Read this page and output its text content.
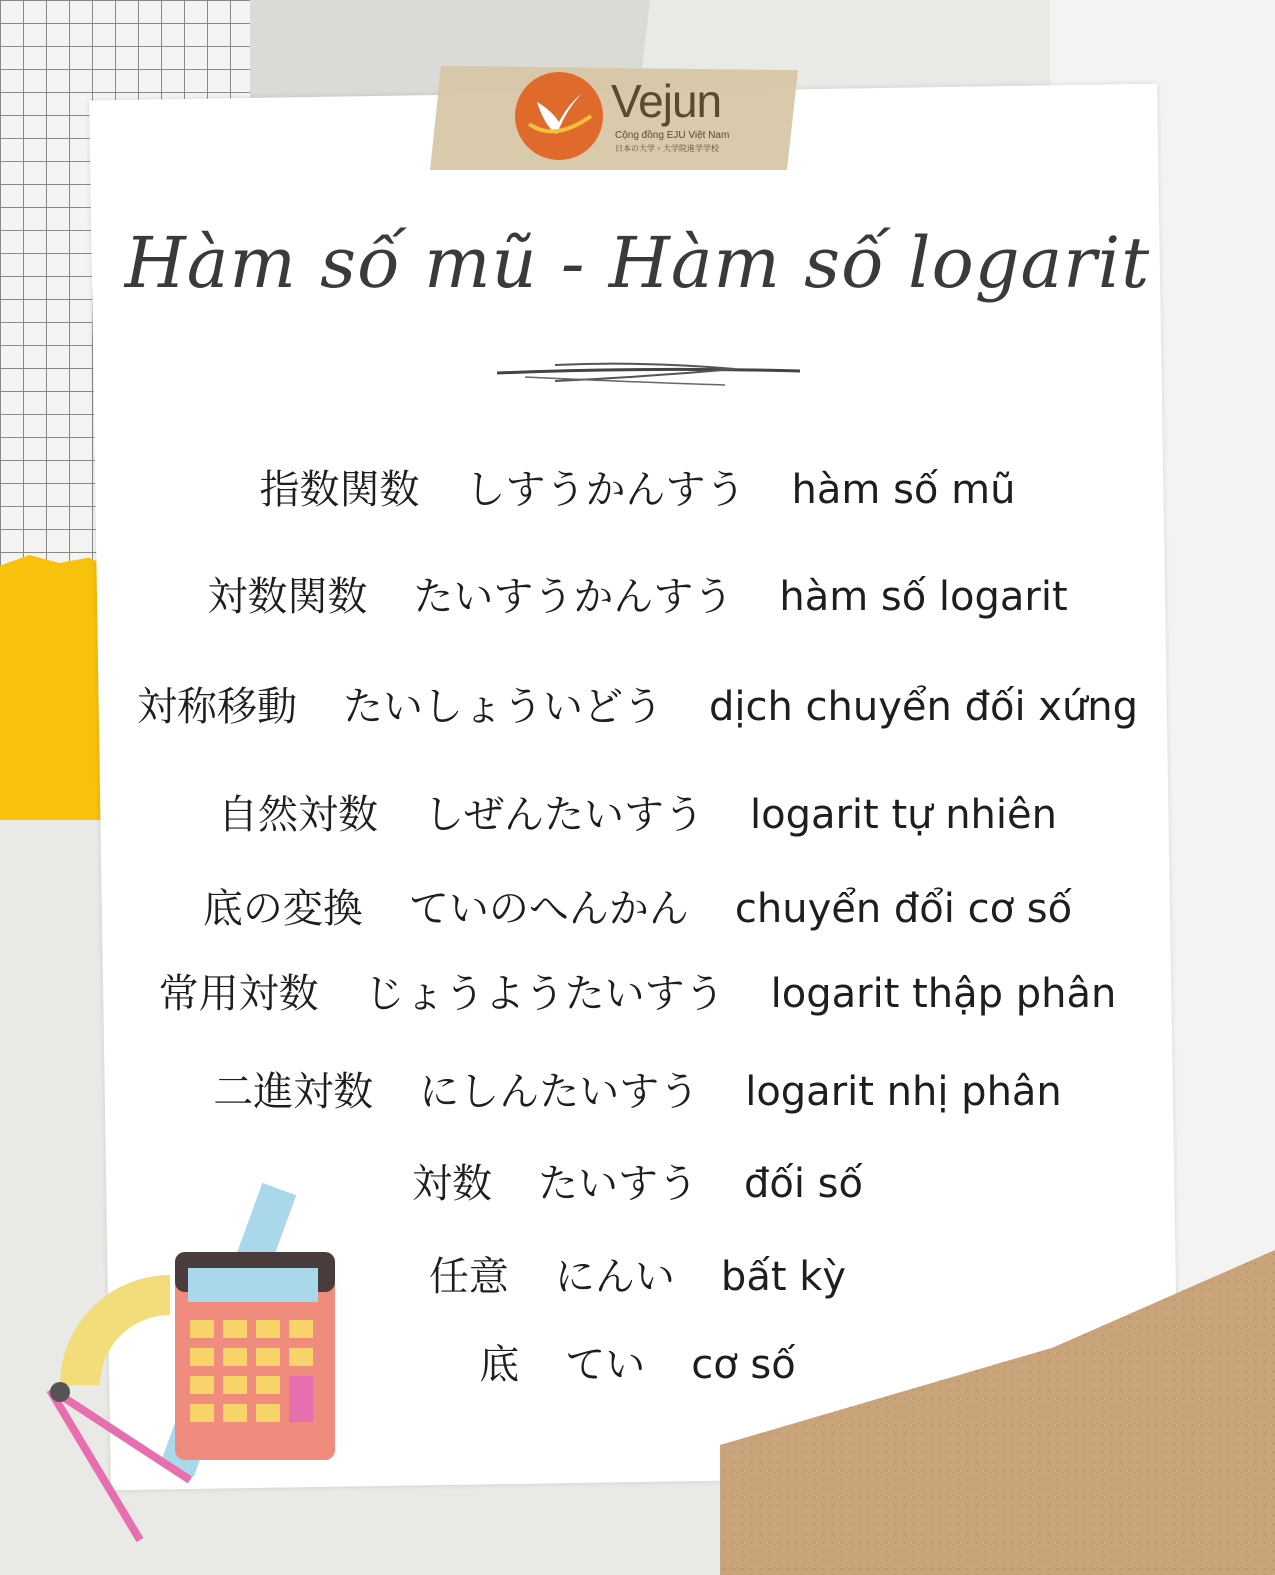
Vejun
Cộng đồng EJU Việt Nam
日本の大学・大学院進学学校
Hàm số mũ - Hàm số logarit
指数関数 しすうかんすう hàm số mũ
対数関数 たいすうかんすう hàm số logarit
対称移動 たいしょういどう dịch chuyển đối xứng
自然対数 しぜんたいすう logarit tự nhiên
底の変換 ていのへんかん chuyển đổi cơ số
常用対数 じょうようたいすう logarit thập phân
二進対数 にしんたいすう logarit nhị phân
対数 たいすう đối số
任意 にんい bất kỳ
底 てい cơ số
